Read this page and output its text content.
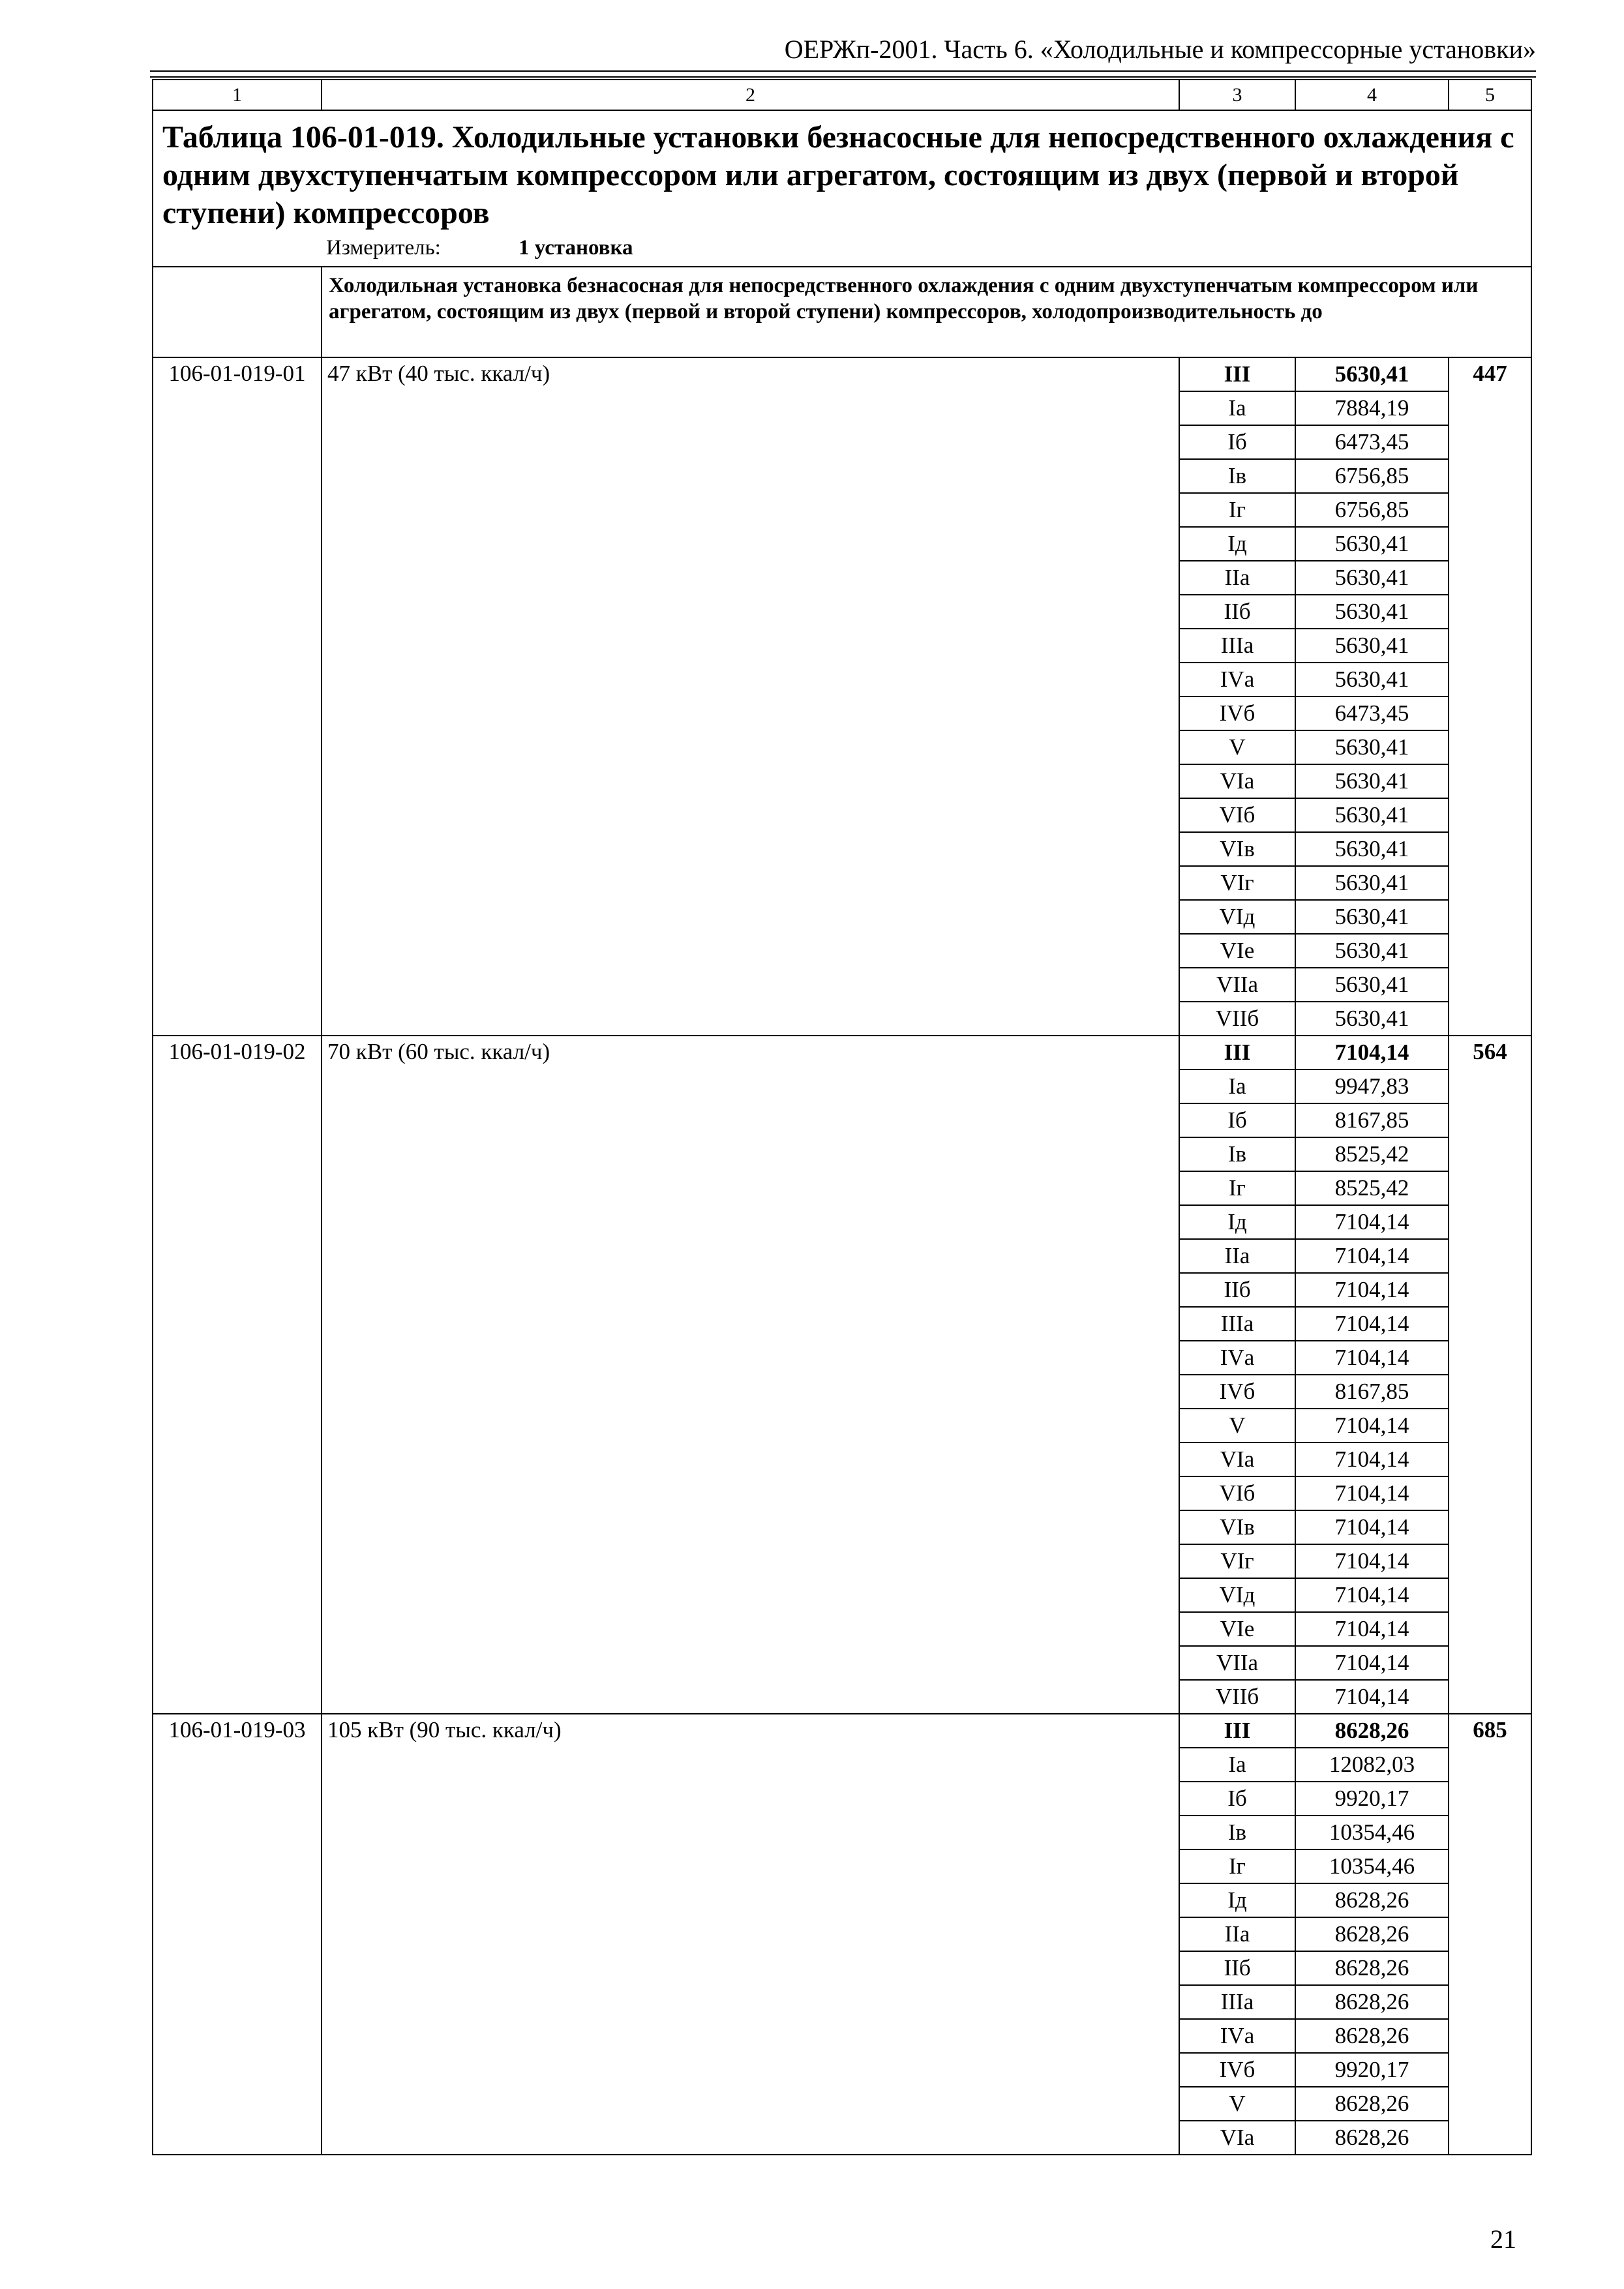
ОЕРЖп-2001. Часть 6. «Холодильные и компрессорные установки»
1	2	3	4	5

Таблица 106-01-019. Холодильные установки безнасосные для непосредственного охлаждения с одним двухступенчатым компрессором или агрегатом, состоящим из двух (первой и второй ступени) компрессоров
Измеритель: 1 установка				

	Холодильная установка безнасосная для непосредственного охлаждения с одним двухступенчатым компрессором или агрегатом, состоящим из двух (первой и второй ступени) компрессоров, холодопроизводительность до			

106-01-019-01	47 кВт (40 тыс. ккал/ч)	III	5630,41	447
		Iа	7884,19	
		Iб	6473,45	
		Iв	6756,85	
		Iг	6756,85	
		Iд	5630,41	
		IIа	5630,41	
		IIб	5630,41	
		IIIа	5630,41	
		IVа	5630,41	
		IVб	6473,45	
		V	5630,41	
		VIа	5630,41	
		VIб	5630,41	
		VIв	5630,41	
		VIг	5630,41	
		VIд	5630,41	
		VIе	5630,41	
		VIIа	5630,41	
		VIIб	5630,41	
106-01-019-02	70 кВт (60 тыс. ккал/ч)	III	7104,14	564
		Iа	9947,83	
		Iб	8167,85	
		Iв	8525,42	
		Iг	8525,42	
		Iд	7104,14	
		IIа	7104,14	
		IIб	7104,14	
		IIIа	7104,14	
		IVа	7104,14	
		IVб	8167,85	
		V	7104,14	
		VIа	7104,14	
		VIб	7104,14	
		VIв	7104,14	
		VIг	7104,14	
		VIд	7104,14	
		VIе	7104,14	
		VIIа	7104,14	
		VIIб	7104,14	
106-01-019-03	105 кВт (90 тыс. ккал/ч)	III	8628,26	685
		Iа	12082,03	
		Iб	9920,17	
		Iв	10354,46	
		Iг	10354,46	
		Iд	8628,26	
		IIа	8628,26	
		IIб	8628,26	
		IIIа	8628,26	
		IVа	8628,26	
		IVб	9920,17	
		V	8628,26	
		VIа	8628,26	
21
